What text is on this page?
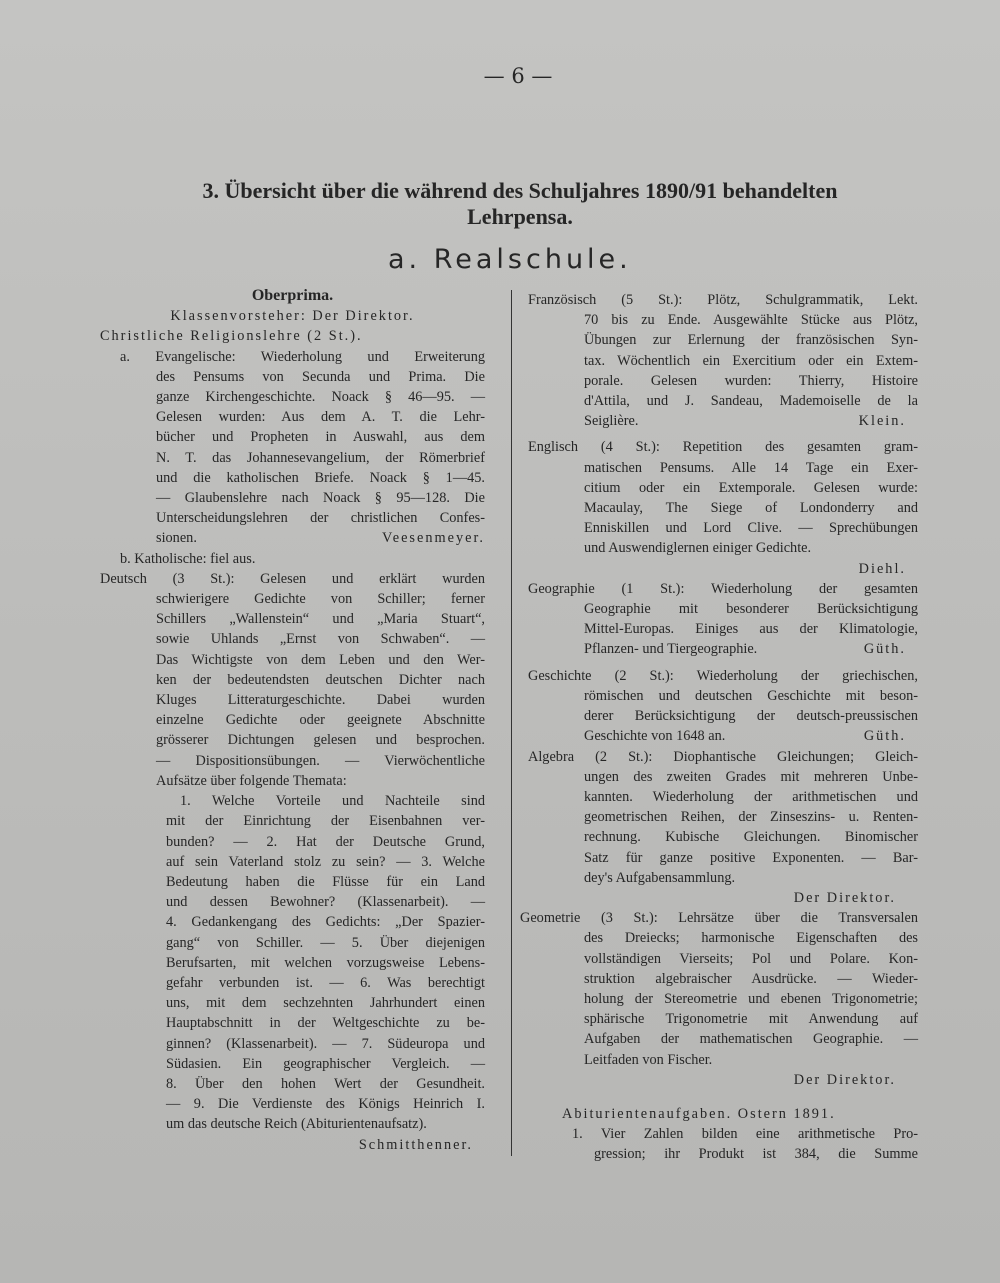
— 6 —
3. Übersicht über die während des Schuljahres 1890/91 behandelten
Lehrpensa.
a. Realschule.
Oberprima.
Klassenvorsteher: Der Direktor.
Christliche Religionslehre (2 St.).
a. Evangelische: Wiederholung und Erweiterung
des Pensums von Secunda und Prima. Die
ganze Kirchengeschichte. Noack § 46—95. —
Gelesen wurden: Aus dem A. T. die Lehr-
bücher und Propheten in Auswahl, aus dem
N. T. das Johannesevangelium, der Römerbrief
und die katholischen Briefe. Noack § 1—45.
— Glaubenslehre nach Noack § 95—128. Die
Unterscheidungslehren der christlichen Confes-
sionen.	Veesenmeyer.
b. Katholische: fiel aus.
Deutsch (3 St.): Gelesen und erklärt wurden
schwierigere Gedichte von Schiller; ferner
Schillers „Wallenstein“ und „Maria Stuart“,
sowie Uhlands „Ernst von Schwaben“. —
Das Wichtigste von dem Leben und den Wer-
ken der bedeutendsten deutschen Dichter nach
Kluges Litteraturgeschichte. Dabei wurden
einzelne Gedichte oder geeignete Abschnitte
grösserer Dichtungen gelesen und besprochen.
— Dispositionsübungen. — Vierwöchentliche
Aufsätze über folgende Themata:
1. Welche Vorteile und Nachteile sind
mit der Einrichtung der Eisenbahnen ver-
bunden? — 2. Hat der Deutsche Grund,
auf sein Vaterland stolz zu sein? — 3. Welche
Bedeutung haben die Flüsse für ein Land
und dessen Bewohner? (Klassenarbeit). —
4. Gedankengang des Gedichts: „Der Spazier-
gang“ von Schiller. — 5. Über diejenigen
Berufsarten, mit welchen vorzugsweise Lebens-
gefahr verbunden ist. — 6. Was berechtigt
uns, mit dem sechzehnten Jahrhundert einen
Hauptabschnitt in der Weltgeschichte zu be-
ginnen? (Klassenarbeit). — 7. Südeuropa und
Südasien. Ein geographischer Vergleich. —
8. Über den hohen Wert der Gesundheit.
— 9. Die Verdienste des Königs Heinrich I.
um das deutsche Reich (Abiturientenaufsatz).
Schmitthenner.
Französisch (5 St.): Plötz, Schulgrammatik, Lekt.
70 bis zu Ende. Ausgewählte Stücke aus Plötz,
Übungen zur Erlernung der französischen Syn-
tax. Wöchentlich ein Exercitium oder ein Extem-
porale. Gelesen wurden: Thierry, Histoire
d'Attila, und J. Sandeau, Mademoiselle de la
Seiglière.	Klein.
Englisch (4 St.): Repetition des gesamten gram-
matischen Pensums. Alle 14 Tage ein Exer-
citium oder ein Extemporale. Gelesen wurde:
Macaulay, The Siege of Londonderry and
Enniskillen und Lord Clive. — Sprechübungen
und Auswendiglernen einiger Gedichte.
Diehl.
Geographie (1 St.): Wiederholung der gesamten
Geographie mit besonderer Berücksichtigung
Mittel-Europas. Einiges aus der Klimatologie,
Pflanzen- und Tiergeographie.	Güth.
Geschichte (2 St.): Wiederholung der griechischen,
römischen und deutschen Geschichte mit beson-
derer Berücksichtigung der deutsch-preussischen
Geschichte von 1648 an.	Güth.
Algebra (2 St.): Diophantische Gleichungen; Gleich-
ungen des zweiten Grades mit mehreren Unbe-
kannten. Wiederholung der arithmetischen und
geometrischen Reihen, der Zinseszins- u. Renten-
rechnung. Kubische Gleichungen. Binomischer
Satz für ganze positive Exponenten. — Bar-
dey's Aufgabensammlung.
Der Direktor.
Geometrie (3 St.): Lehrsätze über die Transversalen
des Dreiecks; harmonische Eigenschaften des
vollständigen Vierseits; Pol und Polare. Kon-
struktion algebraischer Ausdrücke. — Wieder-
holung der Stereometrie und ebenen Trigonometrie;
sphärische Trigonometrie mit Anwendung auf
Aufgaben der mathematischen Geographie. —
Leitfaden von Fischer.
Der Direktor.
Abiturientenaufgaben. Ostern 1891.
1. Vier Zahlen bilden eine arithmetische Pro-
gression; ihr Produkt ist 384, die Summe
